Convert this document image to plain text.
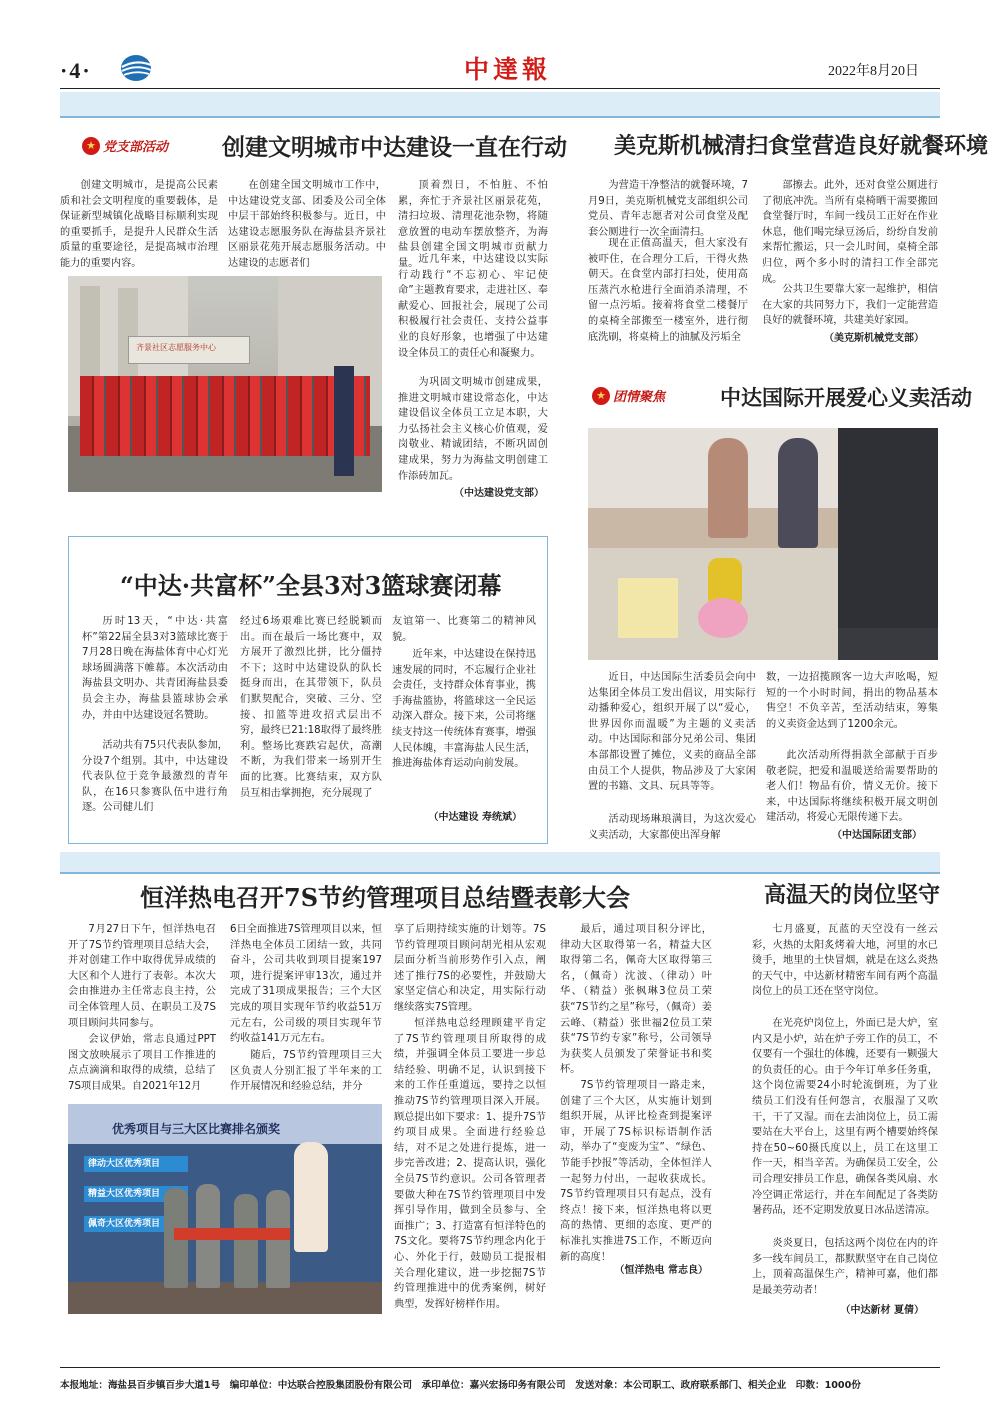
·4·	中達報	2022年8月20日
★ 党支部活动 创建文明城市中达建设一直在行动

创建文明城市，是提高公民素质和社会文明程度的重要载体，是保证新型城镇化战略目标顺利实现的重要抓手，是提升人民群众生活质量的重要途径，是提高城市治理能力的重要内容。

在创建全国文明城市工作中，中达建设党支部、团委及公司全体中层干部始终积极参与。近日，中达建设志愿服务队在海盐县齐景社区丽景花苑开展志愿服务活动。中达建设的志愿者们

顶着烈日，不怕脏、不怕累，奔忙于齐景社区丽景花苑，清扫垃圾、清理花池杂物，将随意放置的电动车摆放整齐，为海盐县创建全国文明城市贡献力量。 近几年来，中达建设以实际行动践行“不忘初心、牢记使命”主题教育要求，走进社区、奉献爱心、回报社会，展现了公司积极履行社会责任、支持公益事业的良好形象，也增强了中达建设全体员工的责任心和凝聚力。

为巩固文明城市创建成果，推进文明城市建设常态化，中达建设倡议全体员工立足本职，大力弘扬社会主义核心价值观，爱岗敬业、精诚团结，不断巩固创建成果，努力为海盐文明创建工作添砖加瓦。

（中达建设党支部）
齐景社区志愿服务中心
美克斯机械清扫食堂营造良好就餐环境

为营造干净整洁的就餐环境，7月9日，美克斯机械党支部组织公司党员、青年志愿者对公司食堂及配套公厕进行一次全面清扫。

现在正值高温天，但大家没有被吓住，在合理分工后，干得火热朝天。在食堂内部打扫处，使用高压蒸汽水枪进行全面消杀清理，不留一点污垢。接着将食堂二楼餐厅的桌椅全部搬至一楼室外，进行彻底洗刷，将桌椅上的油腻及污垢全

部擦去。此外，还对食堂公厕进行了彻底冲洗。当所有桌椅晒干需要搬回食堂餐厅时，车间一线员工正好在作业休息，他们喝完绿豆汤后，纷纷自发前来帮忙搬运，只一会儿时间，桌椅全部归位，两个多小时的清扫工作全部完成。

公共卫生要靠大家一起维护，相信在大家的共同努力下，我们一定能营造良好的就餐环境，共建美好家园。

（美克斯机械党支部）
★ 团情聚焦	中达国际开展爱心义卖活动

近日，中达国际生活委员会向中达集团全体员工发出倡议，用实际行动播种爱心，组织开展了以“爱心，世界因你而温暖”为主题的义卖活动。中达国际和部分兄弟公司、集团本部都设置了摊位，义卖的商品全部由员工个人提供，物品涉及了大家闲置的书籍、文具、玩具等等。

活动现场琳琅满目，为这次爱心义卖活动，大家都使出浑身解

数，一边招揽顾客一边大声吆喝，短短的一个小时时间，捐出的物品基本售空！不负辛苦，至活动结束，筹集的义卖资金达到了1200余元。

此次活动所得捐款全部献于百步敬老院，把爱和温暖送给需要帮助的老人们！物品有价，情义无价。接下来，中达国际将继续积极开展文明创建活动，将爱心无限传递下去。

（中达国际团支部）
“中达·共富杯”全县3对3篮球赛闭幕

历时13天，“中达·共富杯”第22届全县3对3篮球比赛于7月28日晚在海盐体育中心灯光球场圆满落下帷幕。本次活动由海盐县文明办、共青团海盐县委员会主办，海盐县篮球协会承办，并由中达建设冠名赞助。

活动共有75只代表队参加，分设7个组别。其中，中达建设代表队位于竞争最激烈的青年队，在16只参赛队伍中进行角逐。公司健儿们

经过6场艰难比赛已经脱颖而出。而在最后一场比赛中，双方展开了激烈比拼，比分僵持不下；这时中达建设队的队长挺身而出，在其带领下，队员们默契配合，突破、三分、空接、扣篮等进攻招式层出不穷，最终已21:18取得了最终胜利。整场比赛跌宕起伏，高潮不断，为我们带来一场别开生面的比赛。比赛结束，双方队员互相击掌拥抱，充分展现了

友谊第一、比赛第二的精神风貌。

近年来，中达建设在保持迅速发展的同时，不忘履行企业社会责任，支持群众体育事业，携手海盐篮协，将篮球这一全民运动深入群众。接下来，公司将继续支持这一传统体育赛事，增强人民体魄，丰富海盐人民生活，推进海盐体育运动向前发展。

（中达建设 寿统斌）
恒洋热电召开7S节约管理项目总结暨表彰大会

7月27日下午，恒洋热电召开了7S节约管理项目总结大会，并对创建工作中取得优异成绩的大区和个人进行了表彰。本次大会由推进办主任常志良主持，公司全体管理人员、在职员工及7S项目顾问共同参与。

会议伊始，常志良通过PPT图文放映展示了项目工作推进的点点滴滴和取得的成绩，总结了7S项目成果。自2021年12月

6日全面推进7S管理项目以来，恒洋热电全体员工团结一致，共同奋斗，公司共收到项目提案197项，进行提案评审13次，通过并完成了31项成果报告；三个大区完成的项目实现年节约收益51万元左右，公司级的项目实现年节约收益141万元左右。

随后，7S节约管理项目三大区负责人分别汇报了半年来的工作开展情况和经验总结，并分

享了后期持续实施的计划等。7S节约管理项目顾问胡光相从宏观层面分析当前形势作引入点，阐述了推行7S的必要性，并鼓励大家坚定信心和决定，用实际行动继续落实7S管理。

恒洋热电总经理顾建平肯定了7S节约管理项目所取得的成绩，并强调全体员工要进一步总结经验、明确不足，认识到接下来的工作任重道远，要持之以恒推动7S节约管理项目深入开展。顾总提出如下要求：1、提升7S节约项目成果。全面进行经验总结，对不足之处进行提炼，进一步完善改进；2、提高认识，强化全员7S节约意识。公司各管理者要做大种在7S节约管理项目中发挥引导作用，做到全员参与、全面推广；3、打造富有恒洋特色的7S文化。要将7S节约理念内化于心、外化于行，鼓励员工提报相关合理化建议，进一步挖掘7S节约管理推进中的优秀案例，树好典型，发挥好榜样作用。

最后，通过项目积分评比，律动大区取得第一名，精益大区取得第二名，佩奇大区取得第三名，（佩奇）沈波、（律动）叶华、（精益）张枫琳3位员工荣获“7S节约之星”称号，（佩奇）姜云峰、（精益）张世福2位员工荣获“7S节约专家”称号，公司领导为获奖人员颁发了荣誉证书和奖杯。

7S节约管理项目一路走来，创建了三个大区，从实施计划到组织开展，从评比检查到提案评审，开展了7S标识标语制作活动，举办了“变废为宝”、“绿色、节能手抄报”等活动，全体恒洋人一起努力付出，一起收获成长。7S节约管理项目只有起点，没有终点！接下来，恒洋热电将以更高的热情、更细的态度、更严的标准扎实推进7S工作，不断迈向新的高度！

（恒洋热电 常志良）
优秀项目与三大区比赛排名颁奖
律动大区优秀项目
精益大区优秀项目
佩奇大区优秀项目
高温天的岗位坚守

七月盛夏，瓦蓝的天空没有一丝云彩，火热的太阳炙烤着大地，河里的水已烫手，地里的土快冒烟，就是在这么炎热的天气中，中达新材精密车间有两个高温岗位上的员工还在坚守岗位。

在光亮炉岗位上，外面已是大炉，室内又是小炉，站在炉子旁工作的员工，不仅要有一个强壮的体魄，还要有一颗强大的负责任的心。由于今年订单多任务重，这个岗位需要24小时轮流倒班，为了业绩员工们没有任何怨言，衣服湿了又吹干，干了又湿。而在去油岗位上，员工需要站在大平台上，这里有两个槽要始终保持在50~60摄氏度以上，员工在这里工作一天，相当辛苦。为确保员工安全，公司合理安排员工作息，确保各类风扇、水冷空调正常运行，并在车间配足了各类防暑药品，还不定期发放夏日冰品送清凉。

炎炎夏日，包括这两个岗位在内的许多一线车间员工，都默默坚守在自己岗位上，顶着高温保生产，精神可嘉，他们都是最美劳动者！

（中达新材 夏倩）
本报地址：海盐县百步镇百步大道1号　编印单位：中达联合控股集团股份有限公司　承印单位：嘉兴宏扬印务有限公司　发送对象：本公司职工、政府联系部门、相关企业　印数：1000份
